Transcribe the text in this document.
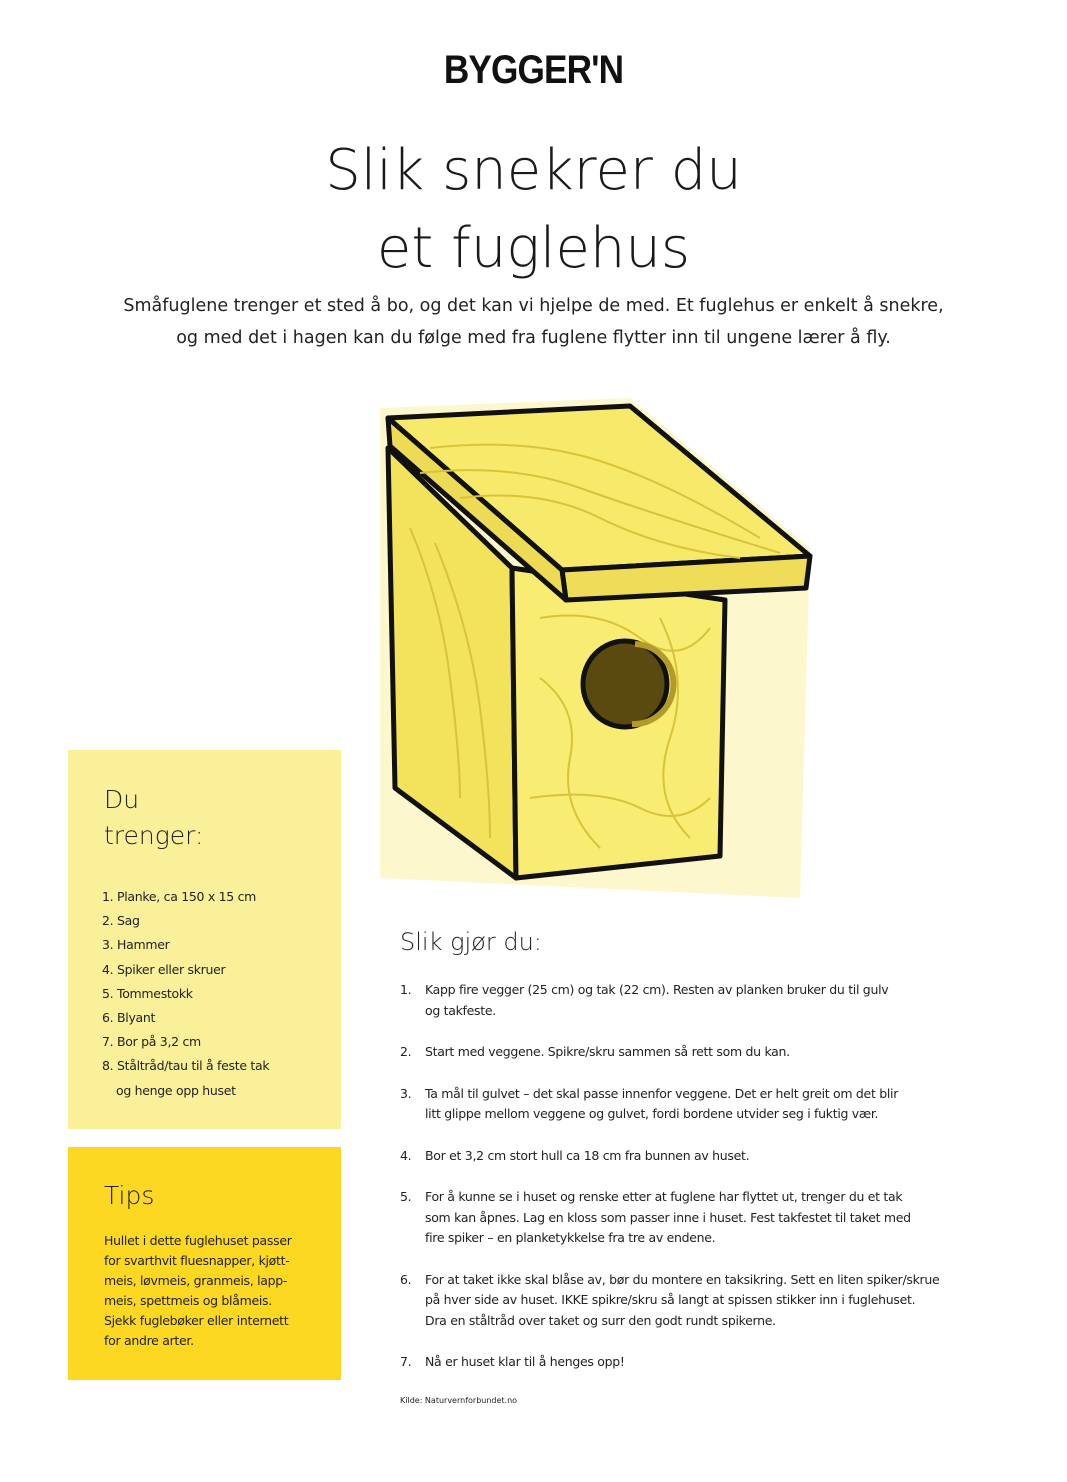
BYGGER'N
Slik snekrer du
et fuglehus
Småfuglene trenger et sted å bo, og det kan vi hjelpe de med. Et fuglehus er enkelt å snekre,
og med det i hagen kan du følge med fra fuglene flytter inn til ungene lærer å fly.
Du
trenger:
1. Planke, ca 150 x 15 cm
2. Sag
3. Hammer
4. Spiker eller skruer
5. Tommestokk
6. Blyant
7. Bor på 3,2 cm
8. Ståltråd/tau til å feste tak
og henge opp huset
Tips
Hullet i dette fuglehuset passer
for svarthvit fluesnapper, kjøtt-
meis, løvmeis, granmeis, lapp-
meis, spettmeis og blåmeis.
Sjekk fuglebøker eller internett
for andre arter.
Slik gjør du:
1. Kapp fire vegger (25 cm) og tak (22 cm). Resten av planken bruker du til gulv
og takfeste.
2. Start med veggene. Spikre/skru sammen så rett som du kan.
3. Ta mål til gulvet – det skal passe innenfor veggene. Det er helt greit om det blir
litt glippe mellom veggene og gulvet, fordi bordene utvider seg i fuktig vær.
4. Bor et 3,2 cm stort hull ca 18 cm fra bunnen av huset.
5. For å kunne se i huset og renske etter at fuglene har flyttet ut, trenger du et tak
som kan åpnes. Lag en kloss som passer inne i huset. Fest takfestet til taket med
fire spiker – en planketykkelse fra tre av endene.
6. For at taket ikke skal blåse av, bør du montere en taksikring. Sett en liten spiker/skrue
på hver side av huset. IKKE spikre/skru så langt at spissen stikker inn i fuglehuset.
Dra en ståltråd over taket og surr den godt rundt spikerne.
7. Nå er huset klar til å henges opp!
Kilde: Naturvernforbundet.no
